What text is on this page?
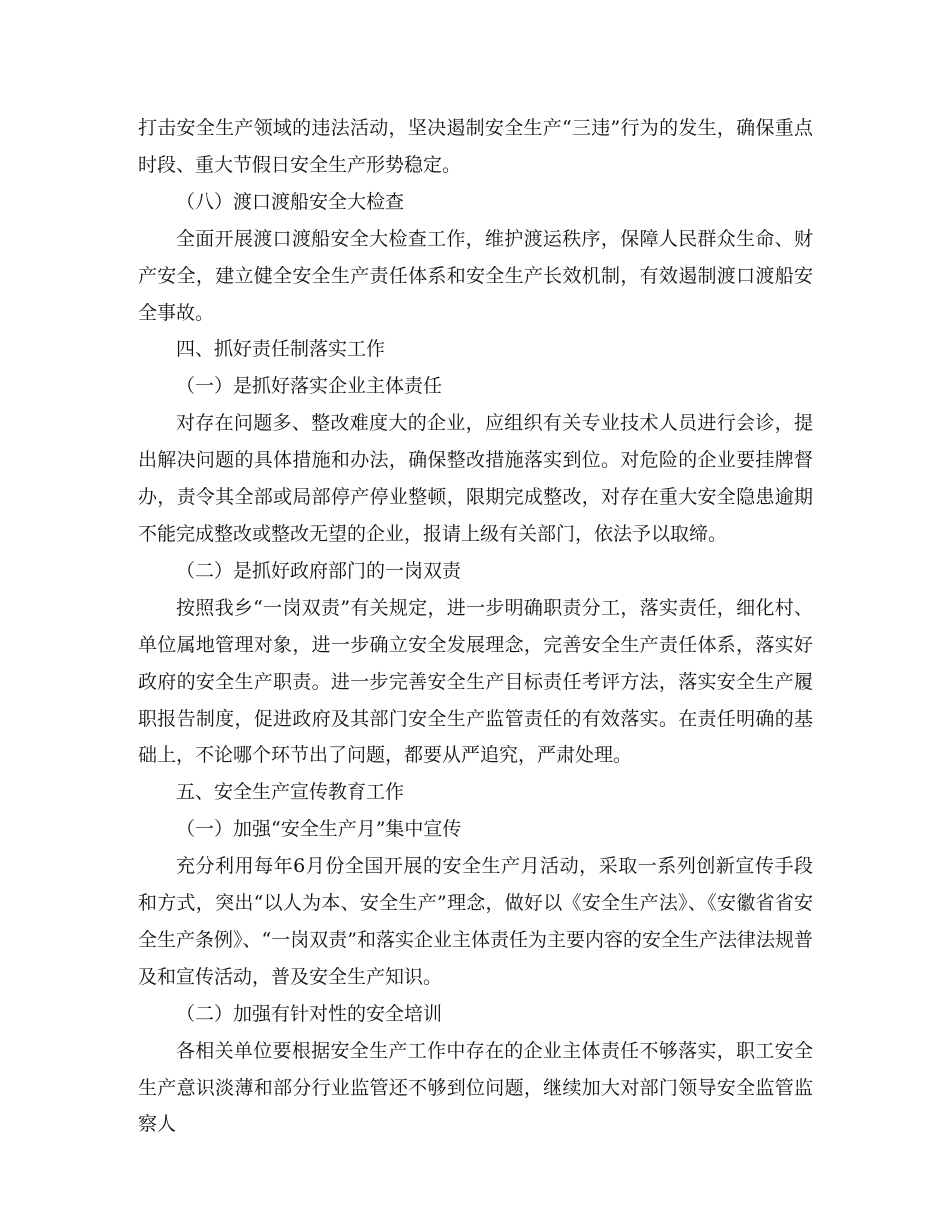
打击安全生产领域的违法活动，坚决遏制安全生产“三违”行为的发生，确保重点时段、重大节假日安全生产形势稳定。

（八）渡口渡船安全大检查

全面开展渡口渡船安全大检查工作，维护渡运秩序，保障人民群众生命、财产安全，建立健全安全生产责任体系和安全生产长效机制，有效遏制渡口渡船安全事故。

四、抓好责任制落实工作

（一）是抓好落实企业主体责任

对存在问题多、整改难度大的企业，应组织有关专业技术人员进行会诊，提出解决问题的具体措施和办法，确保整改措施落实到位。对危险的企业要挂牌督办，责令其全部或局部停产停业整顿，限期完成整改，对存在重大安全隐患逾期不能完成整改或整改无望的企业，报请上级有关部门，依法予以取缔。

（二）是抓好政府部门的一岗双责

按照我乡“一岗双责”有关规定，进一步明确职责分工，落实责任，细化村、单位属地管理对象，进一步确立安全发展理念，完善安全生产责任体系，落实好政府的安全生产职责。进一步完善安全生产目标责任考评方法，落实安全生产履职报告制度，促进政府及其部门安全生产监管责任的有效落实。在责任明确的基础上，不论哪个环节出了问题，都要从严追究，严肃处理。

五、安全生产宣传教育工作

（一）加强“安全生产月”集中宣传

充分利用每年6月份全国开展的安全生产月活动，采取一系列创新宣传手段和方式，突出“以人为本、安全生产”理念，做好以《安全生产法》、《安徽省省安全生产条例》、“一岗双责”和落实企业主体责任为主要内容的安全生产法律法规普及和宣传活动，普及安全生产知识。

（二）加强有针对性的安全培训

各相关单位要根据安全生产工作中存在的企业主体责任不够落实，职工安全生产意识淡薄和部分行业监管还不够到位问题，继续加大对部门领导安全监管监察人
